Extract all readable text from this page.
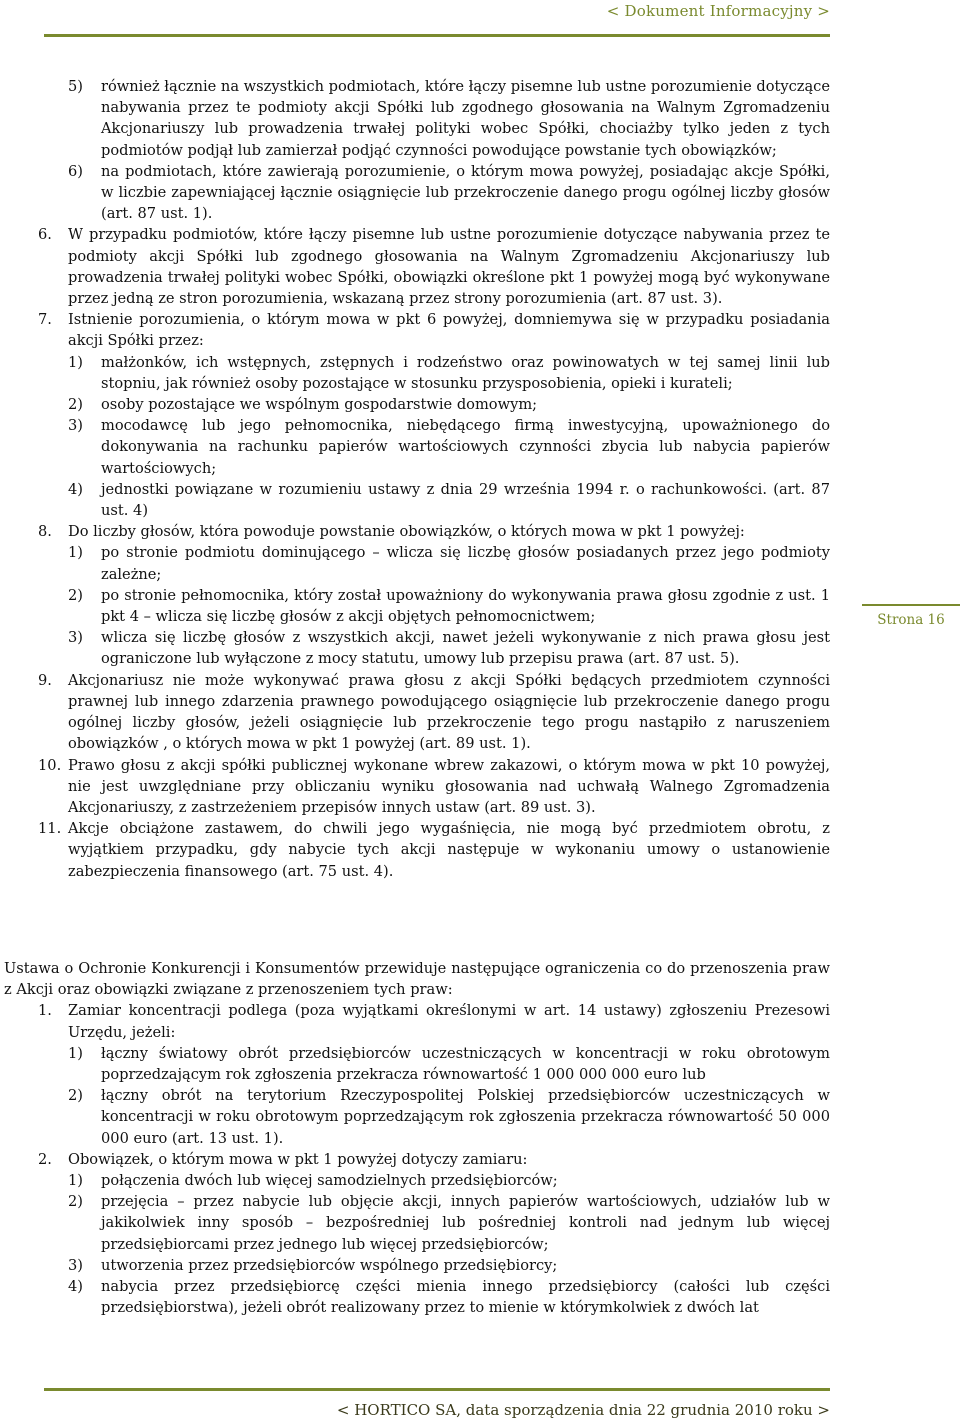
< Dokument Informacyjny >
5)	również łącznie na wszystkich podmiotach, które łączy pisemne lub ustne porozumienie dotyczące nabywania przez te podmioty akcji Spółki lub zgodnego głosowania na Walnym Zgromadzeniu Akcjonariuszy lub prowadzenia trwałej polityki wobec Spółki, chociażby tylko jeden z tych podmiotów podjął lub zamierzał podjąć czynności powodujące powstanie tych obowiązków;
6)	na podmiotach, które zawierają porozumienie, o którym mowa powyżej, posiadając akcje Spółki, w liczbie zapewniającej łącznie osiągnięcie lub przekroczenie danego progu ogólnej liczby głosów (art. 87 ust. 1).
6.	W przypadku podmiotów, które łączy pisemne lub ustne porozumienie dotyczące nabywania przez te podmioty akcji Spółki lub zgodnego głosowania na Walnym Zgromadzeniu Akcjonariuszy lub prowadzenia trwałej polityki wobec Spółki, obowiązki określone pkt 1 powyżej mogą być wykonywane przez jedną ze stron porozumienia, wskazaną przez strony porozumienia (art. 87 ust. 3).
7.	Istnienie porozumienia, o którym mowa w pkt 6 powyżej, domniemywa się w przypadku posiadania akcji Spółki przez:
1)	małżonków, ich wstępnych, zstępnych i rodzeństwo oraz powinowatych w tej samej linii lub stopniu, jak również osoby pozostające w stosunku przysposobienia, opieki i kurateli;
2)	osoby pozostające we wspólnym gospodarstwie domowym;
3)	mocodawcę lub jego pełnomocnika, niebędącego firmą inwestycyjną, upoważnionego do dokonywania na rachunku papierów wartościowych czynności zbycia lub nabycia papierów wartościowych;
4)	jednostki powiązane w rozumieniu ustawy z dnia 29 września 1994 r. o rachunkowości. (art. 87 ust. 4)
8.	Do liczby głosów, która powoduje powstanie obowiązków, o których mowa w pkt 1 powyżej:
1)	po stronie podmiotu dominującego – wlicza się liczbę głosów posiadanych przez jego podmioty zależne;
2)	po stronie pełnomocnika, który został upoważniony do wykonywania prawa głosu zgodnie z ust. 1 pkt 4 – wlicza się liczbę głosów z akcji objętych pełnomocnictwem;
3)	wlicza się liczbę głosów z wszystkich akcji, nawet jeżeli wykonywanie z nich prawa głosu jest ograniczone lub wyłączone z mocy statutu, umowy lub przepisu prawa (art. 87 ust. 5).
9.	Akcjonariusz nie może wykonywać prawa głosu z akcji Spółki będących przedmiotem czynności prawnej lub innego zdarzenia prawnego powodującego osiągnięcie lub przekroczenie danego progu ogólnej liczby głosów, jeżeli osiągnięcie lub przekroczenie tego progu nastąpiło z naruszeniem obowiązków , o których mowa w pkt 1 powyżej (art. 89 ust. 1).
10. Prawo głosu z akcji spółki publicznej wykonane wbrew zakazowi, o którym mowa w pkt 10 powyżej, nie jest uwzględniane przy obliczaniu wyniku głosowania nad uchwałą Walnego Zgromadzenia Akcjonariuszy, z zastrzeżeniem przepisów innych ustaw (art. 89 ust. 3).
11. Akcje obciążone zastawem, do chwili jego wygaśnięcia, nie mogą być przedmiotem obrotu, z wyjątkiem przypadku, gdy nabycie tych akcji następuje w wykonaniu umowy o ustanowienie zabezpieczenia finansowego (art. 75 ust. 4).
Ustawa o Ochronie Konkurencji i Konsumentów przewiduje następujące ograniczenia co do przenoszenia praw z Akcji oraz obowiązki związane z przenoszeniem tych praw:
1.	Zamiar koncentracji podlega (poza wyjątkami określonymi w art. 14 ustawy) zgłoszeniu Prezesowi Urzędu, jeżeli:
1)	łączny światowy obrót przedsiębiorców uczestniczących w koncentracji w roku obrotowym poprzedzającym rok zgłoszenia przekracza równowartość 1 000 000 000 euro lub
2)	łączny obrót na terytorium Rzeczypospolitej Polskiej przedsiębiorców uczestniczących w koncentracji w roku obrotowym poprzedzającym rok zgłoszenia przekracza równowartość 50 000 000 euro (art. 13 ust. 1).
2.	Obowiązek, o którym mowa w pkt 1 powyżej dotyczy zamiaru:
1)	połączenia dwóch lub więcej samodzielnych przedsiębiorców;
2)	przejęcia – przez nabycie lub objęcie akcji, innych papierów wartościowych, udziałów lub w jakikolwiek inny sposób – bezpośredniej lub pośredniej kontroli nad jednym lub więcej przedsiębiorcami przez jednego lub więcej przedsiębiorców;
3)	utworzenia przez przedsiębiorców wspólnego przedsiębiorcy;
4)	nabycia przez przedsiębiorcę części mienia innego przedsiębiorcy (całości lub części przedsiębiorstwa), jeżeli obrót realizowany przez to mienie w którymkolwiek z dwóch lat
Strona 16
< HORTICO SA, data sporządzenia dnia 22 grudnia 2010 roku >
